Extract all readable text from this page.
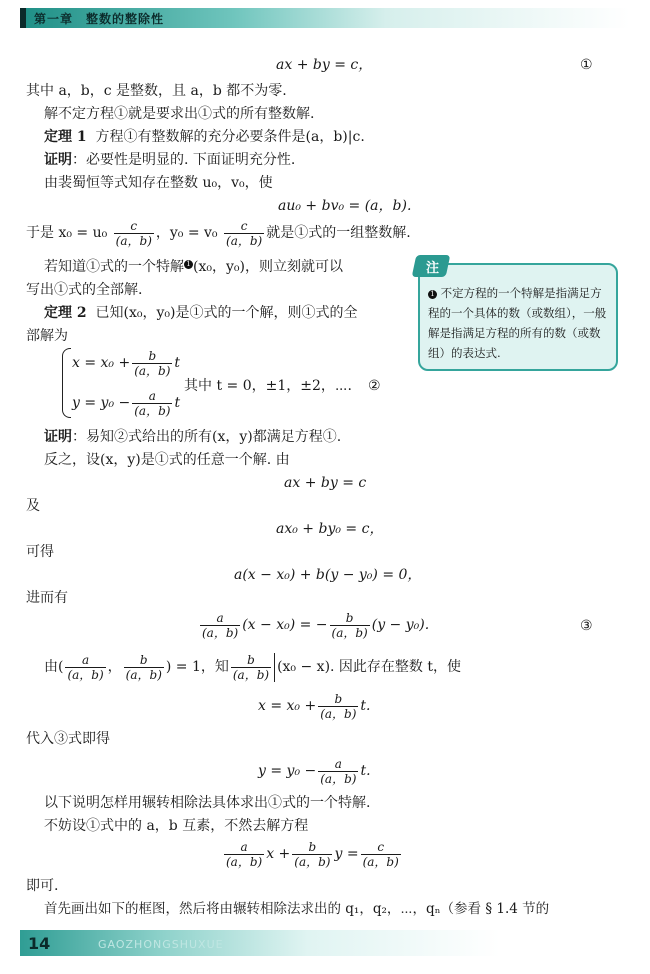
第一章　整数的整除性
ax + by = c，	①
其中 a，b，c 是整数，且 a，b 都不为零.
解不定方程①就是要求出①式的所有整数解.
定理 1 方程①有整数解的充分必要条件是(a，b)|c.
证明：必要性是明显的. 下面证明充分性.
由裴蜀恒等式知存在整数 u₀，v₀，使
au₀ + bv₀ = (a，b).
于是 $x_0 = u_0 \frac{c}{(a,b)}$ ，$y_0 = v_0 \frac{c}{(a,b)}$ 就是①式的一组整数解.
若知道①式的一个特解 1 (x₀，y₀)，则立刻就可以
写出①式的全部解.
定理 2 已知(x₀，y₀)是①式的一个解，则①式的全
部解为
$x = x_0 + \frac{b}{(a,b)}$ t
$y = y_0 - \frac{a}{(a,b)}$ t
其中 t = 0，±1，±2，⋯. ②
注
1 不定方程的一个特解是指满足方程的一个具体的数（或数组），一般解是指满足方程的所有的数（或数组）的表达式.
证明：易知②式给出的所有(x，y)都满足方程①.
反之，设(x，y)是①式的任意一个解. 由
ax + by = c
及
ax₀ + by₀ = c，
可得
a(x − x₀) + b(y − y₀) = 0，
进而有
$\frac{a}{(a,b)} (x - x_0)$ = − $\frac{b}{(a,b)} (y - y_0)$.	③
由( $\frac{a}{(a,b)}$ ， $\frac{b}{(a,b)}$ ) = 1，知 $\frac{b}{(a,b)} (x_0 - x)$. 因此存在整数 t，使
$x = x_0 + \frac{b}{(a,b)} t$.
代入③式即得
$y = y_0 - \frac{a}{(a,b)} t$.
以下说明怎样用辗转相除法具体求出①式的一个特解.
不妨设①式中的 a，b 互素，不然去解方程
$\frac{a}{(a,b)}$ $x + \frac{b}{(a,b)}$ $y = \frac{c}{(a,b)}$
即可.
首先画出如下的框图，然后将由辗转相除法求出的 q₁，q₂，⋯，qₙ（参看 § 1.4 节的
14	GAOZHONGSHUXUE
